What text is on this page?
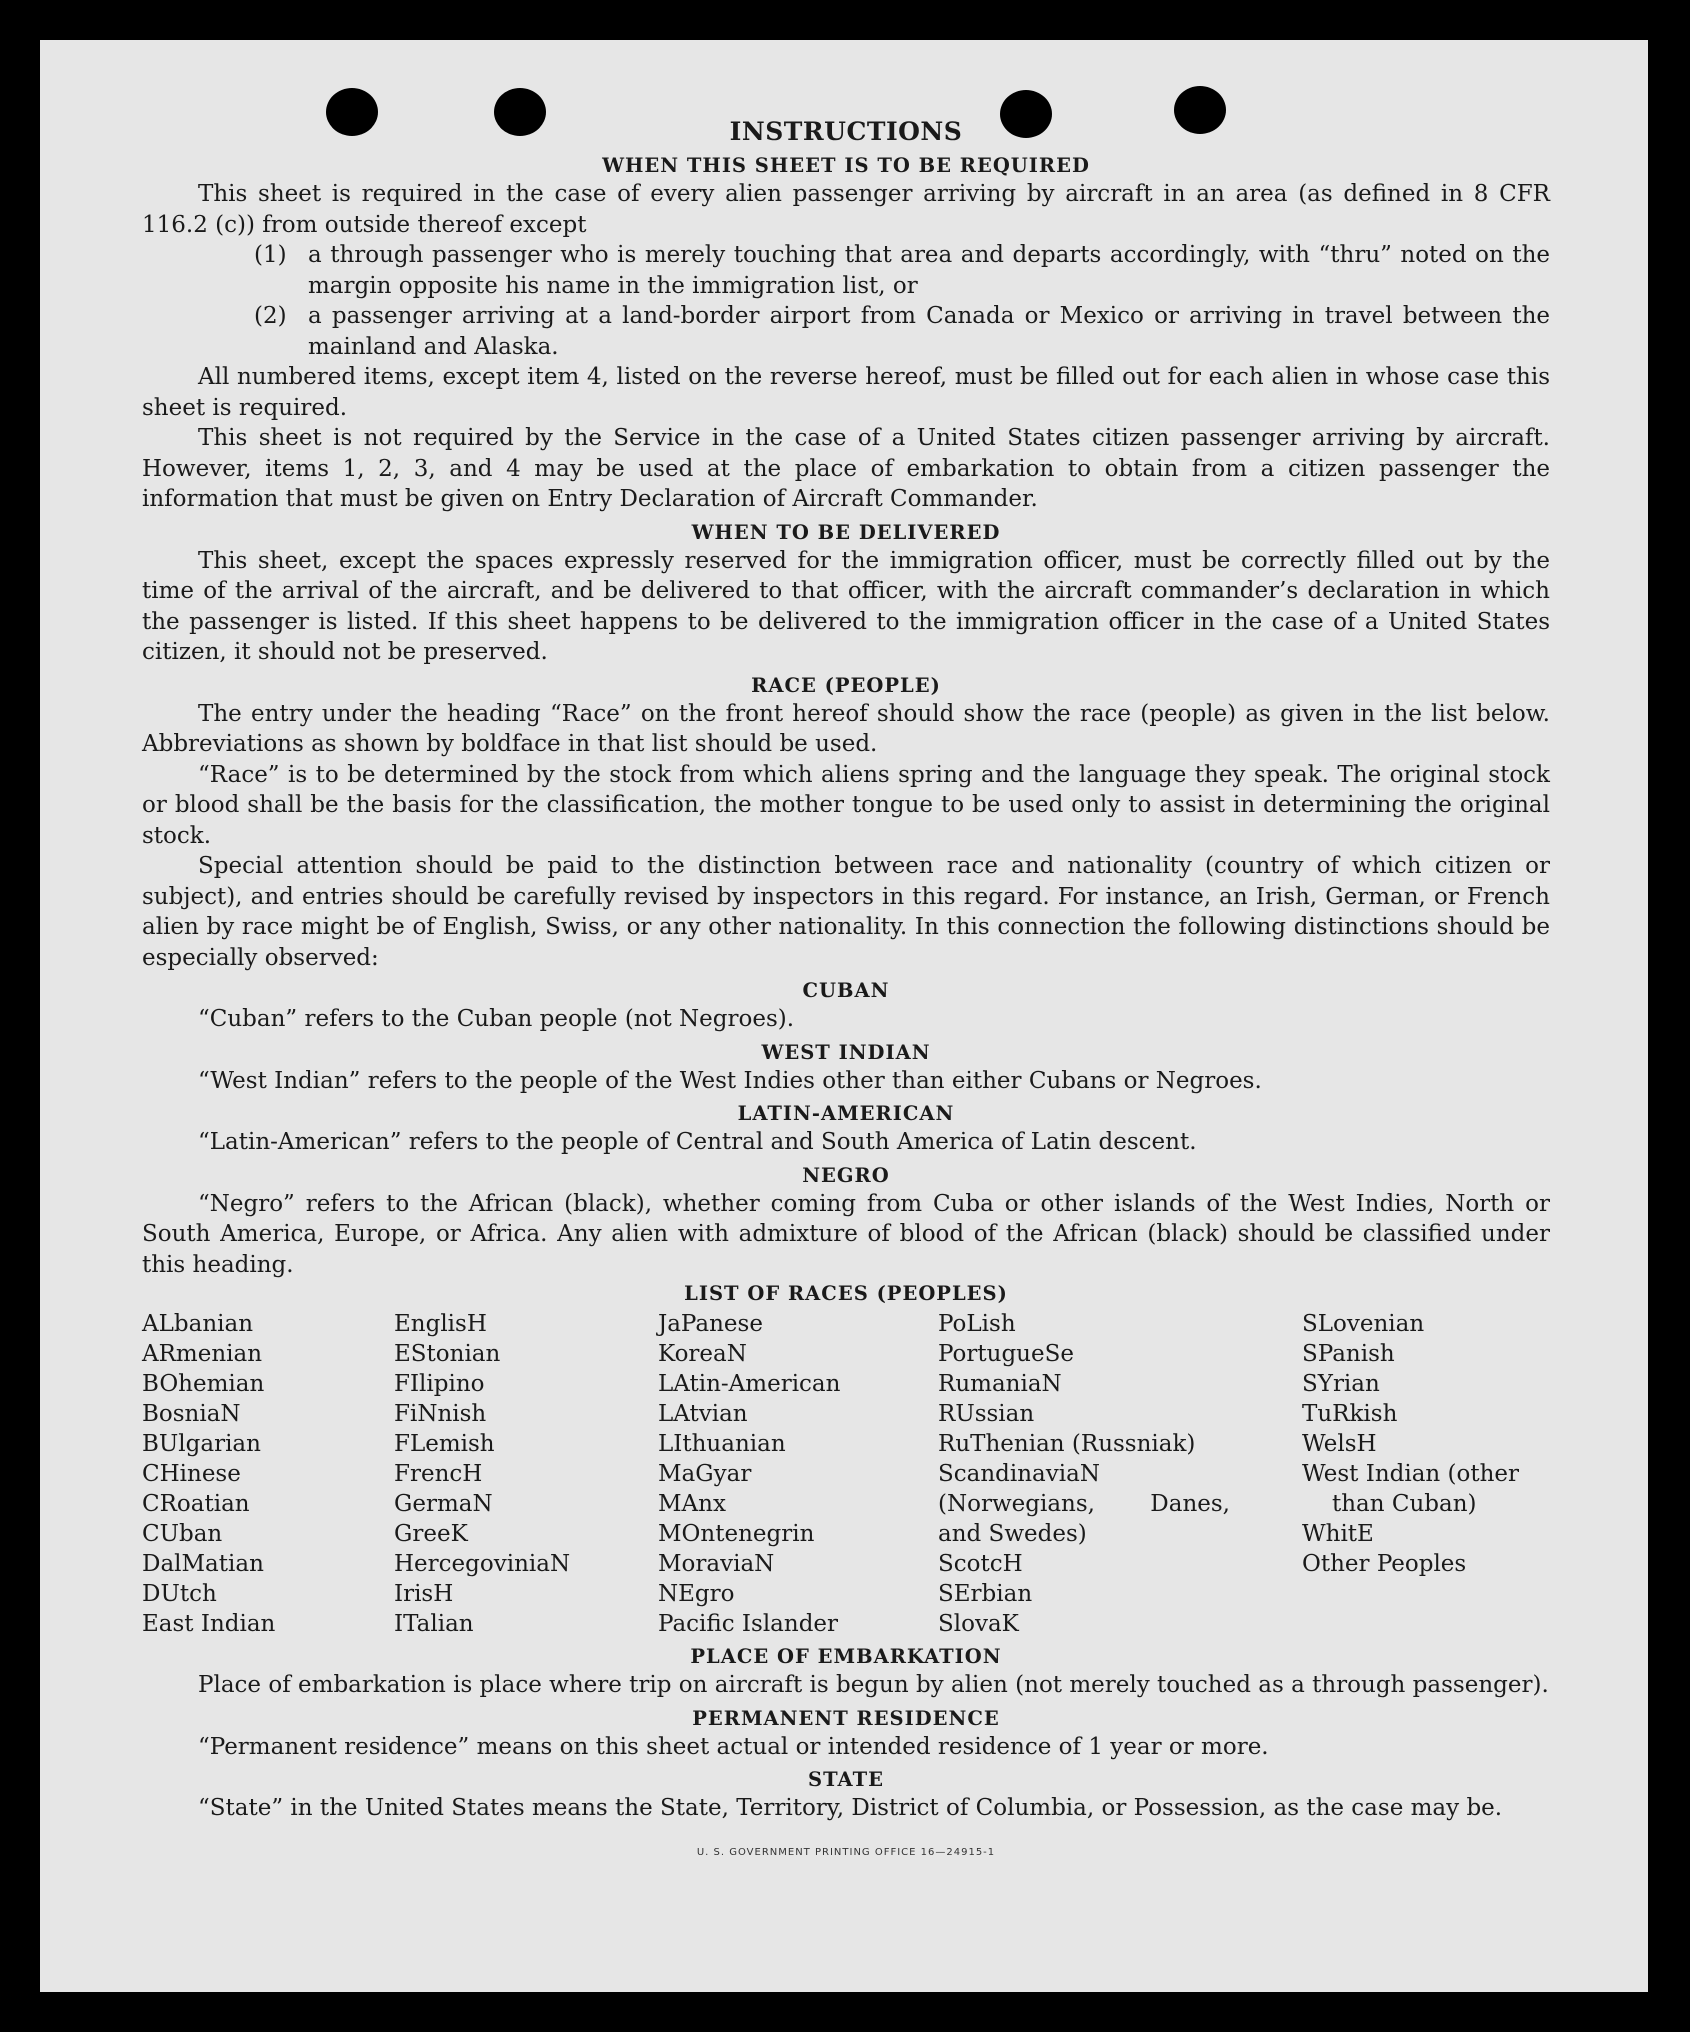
INSTRUCTIONS
WHEN THIS SHEET IS TO BE REQUIRED

This sheet is required in the case of every alien passenger arriving by aircraft in an area (as defined in 8 CFR 116.2 (c)) from outside thereof except

(1) a through passenger who is merely touching that area and departs accordingly, with “thru” noted on the margin opposite his name in the immigration list, or
(2) a passenger arriving at a land-border airport from Canada or Mexico or arriving in travel between the mainland and Alaska.

All numbered items, except item 4, listed on the reverse hereof, must be filled out for each alien in whose case this sheet is required.

This sheet is not required by the Service in the case of a United States citizen passenger arriving by aircraft. However, items 1, 2, 3, and 4 may be used at the place of embarkation to obtain from a citizen passenger the information that must be given on Entry Declaration of Aircraft Commander.

WHEN TO BE DELIVERED

This sheet, except the spaces expressly reserved for the immigration officer, must be correctly filled out by the time of the arrival of the aircraft, and be delivered to that officer, with the aircraft commander’s declaration in which the passenger is listed. If this sheet happens to be delivered to the immigration officer in the case of a United States citizen, it should not be preserved.

RACE (PEOPLE)

The entry under the heading “Race” on the front hereof should show the race (people) as given in the list below. Abbreviations as shown by boldface in that list should be used.

“Race” is to be determined by the stock from which aliens spring and the language they speak. The original stock or blood shall be the basis for the classification, the mother tongue to be used only to assist in determining the original stock.

Special attention should be paid to the distinction between race and nationality (country of which citizen or subject), and entries should be carefully revised by inspectors in this regard. For instance, an Irish, German, or French alien by race might be of English, Swiss, or any other nationality. In this connection the following distinctions should be especially observed:

CUBAN

“Cuban” refers to the Cuban people (not Negroes).

WEST INDIAN

“West Indian” refers to the people of the West Indies other than either Cubans or Negroes.

LATIN-AMERICAN

“Latin-American” refers to the people of Central and South America of Latin descent.

NEGRO

“Negro” refers to the African (black), whether coming from Cuba or other islands of the West Indies, North or South America, Europe, or Africa. Any alien with admixture of blood of the African (black) should be classified under this heading.

LIST OF RACES (PEOPLES)
ALbanian
ARmenian
BOhemian
BosniaN
BUlgarian
CHinese
CRoatian
CUban
DalMatian
DUtch
East Indian
EnglisH
EStonian
FIlipino
FiNnish
FLemish
FrencH
GermaN
GreeK
HercegoviniaN
IrisH
ITalian
JaPanese
KoreaN
LAtin-American
LAtvian
LIthuanian
MaGyar
MAnx
MOntenegrin
MoraviaN
NEgro
Pacific Islander
PoLish
PortugueSe
RumaniaN
RUssian
RuThenian (Russniak)
ScandinaviaN (Norwegians, Danes, and Swedes)
ScotcH
SErbian
SlovaK
SLovenian
SPanish
SYrian
TuRkish
WelsH
West Indian (other
than Cuban)
WhitE
Other Peoples
PLACE OF EMBARKATION

Place of embarkation is place where trip on aircraft is begun by alien (not merely touched as a through passenger).

PERMANENT RESIDENCE

“Permanent residence” means on this sheet actual or intended residence of 1 year or more.

STATE

“State” in the United States means the State, Territory, District of Columbia, or Possession, as the case may be.

U. S. GOVERNMENT PRINTING OFFICE 16—24915-1
